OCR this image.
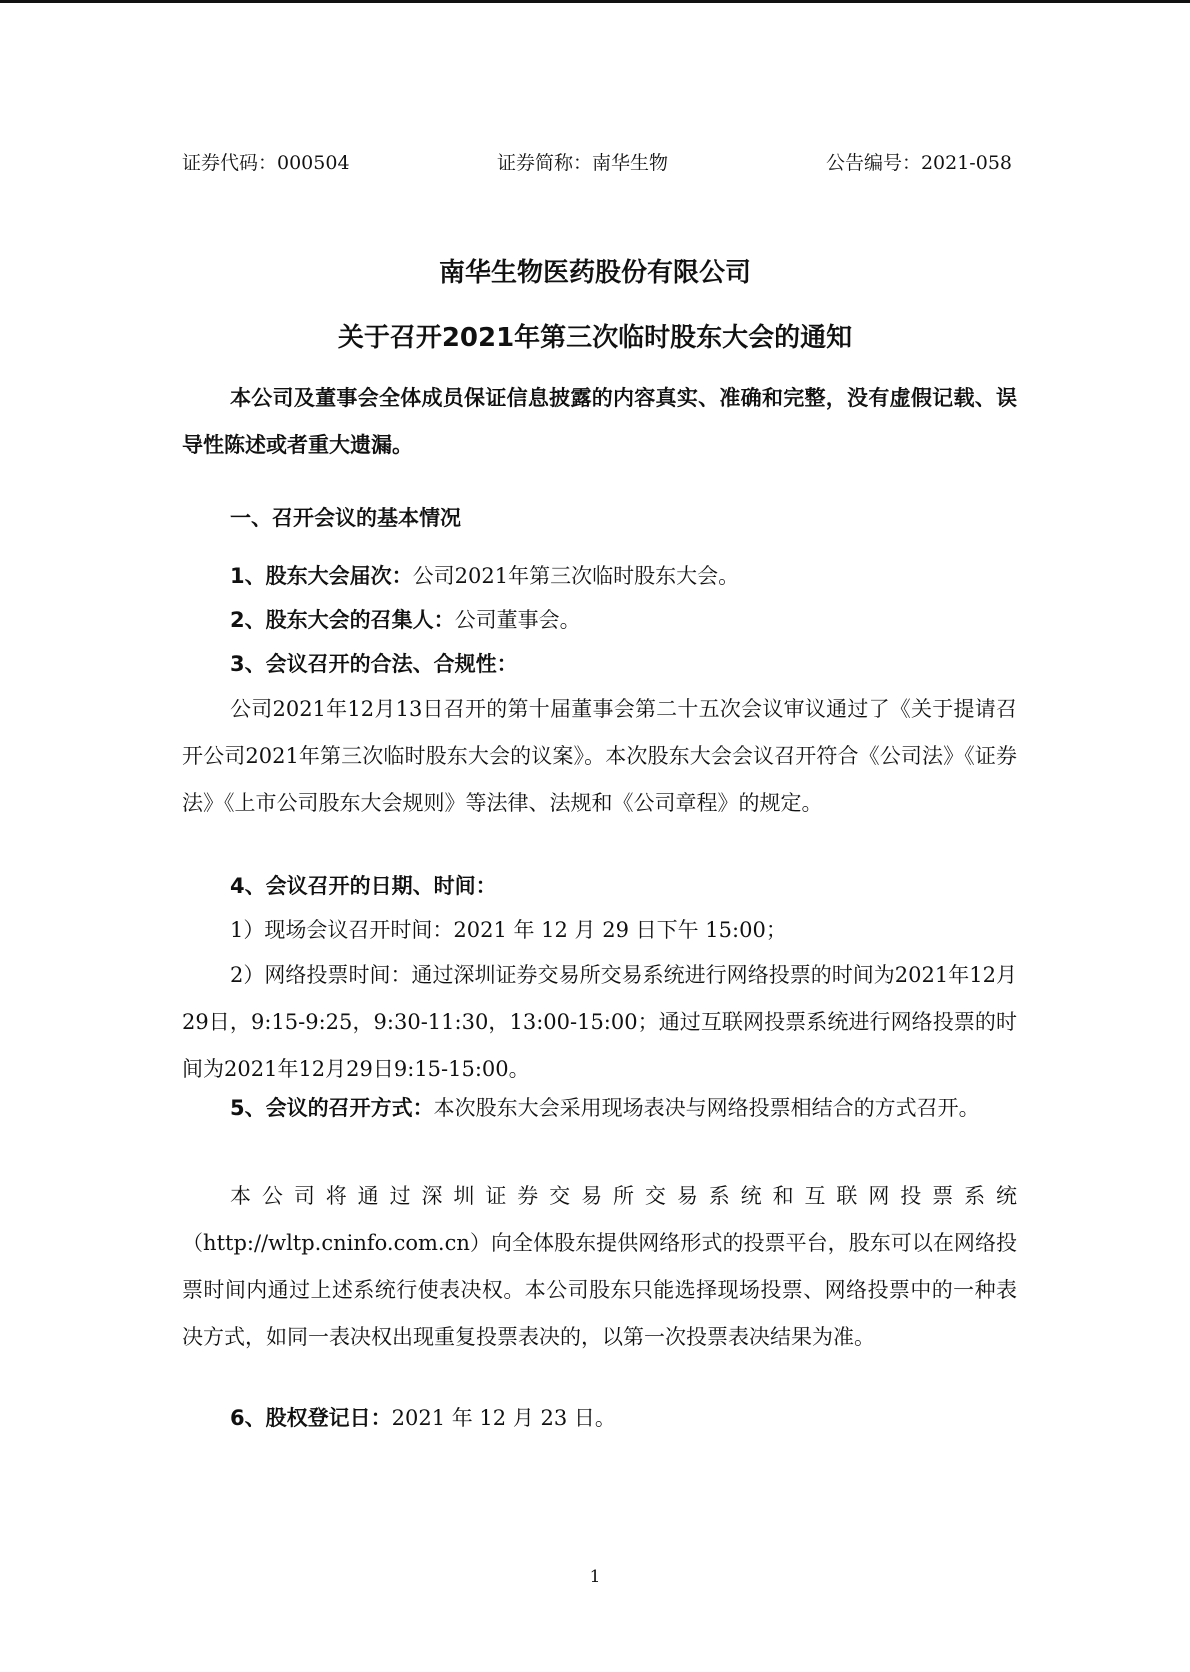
证券代码：000504	证券简称：南华生物	公告编号：2021-058
南华生物医药股份有限公司
关于召开2021年第三次临时股东大会的通知

本公司及董事会全体成员保证信息披露的内容真实、准确和完整，没有虚假记载、误导性陈述或者重大遗漏。

一、召开会议的基本情况

1、股东大会届次：公司2021年第三次临时股东大会。

2、股东大会的召集人：公司董事会。

3、会议召开的合法、合规性：

公司2021年12月13日召开的第十届董事会第二十五次会议审议通过了《关于提请召开公司2021年第三次临时股东大会的议案》。本次股东大会会议召开符合《公司法》《证券法》《上市公司股东大会规则》等法律、法规和《公司章程》的规定。

4、会议召开的日期、时间：

1）现场会议召开时间：2021 年 12 月 29 日下午 15:00；

2）网络投票时间：通过深圳证券交易所交易系统进行网络投票的时间为2021年12月29日，9:15-9:25，9:30-11:30，13:00-15:00；通过互联网投票系统进行网络投票的时间为2021年12月29日9:15-15:00。

5、会议的召开方式：本次股东大会采用现场表决与网络投票相结合的方式召开。

本公司将通过深圳证券交易所交易系统和互联网投票系统（http://wltp.cninfo.com.cn）向全体股东提供网络形式的投票平台，股东可以在网络投票时间内通过上述系统行使表决权。本公司股东只能选择现场投票、网络投票中的一种表决方式，如同一表决权出现重复投票表决的，以第一次投票表决结果为准。

6、股权登记日：2021 年 12 月 23 日。

1
